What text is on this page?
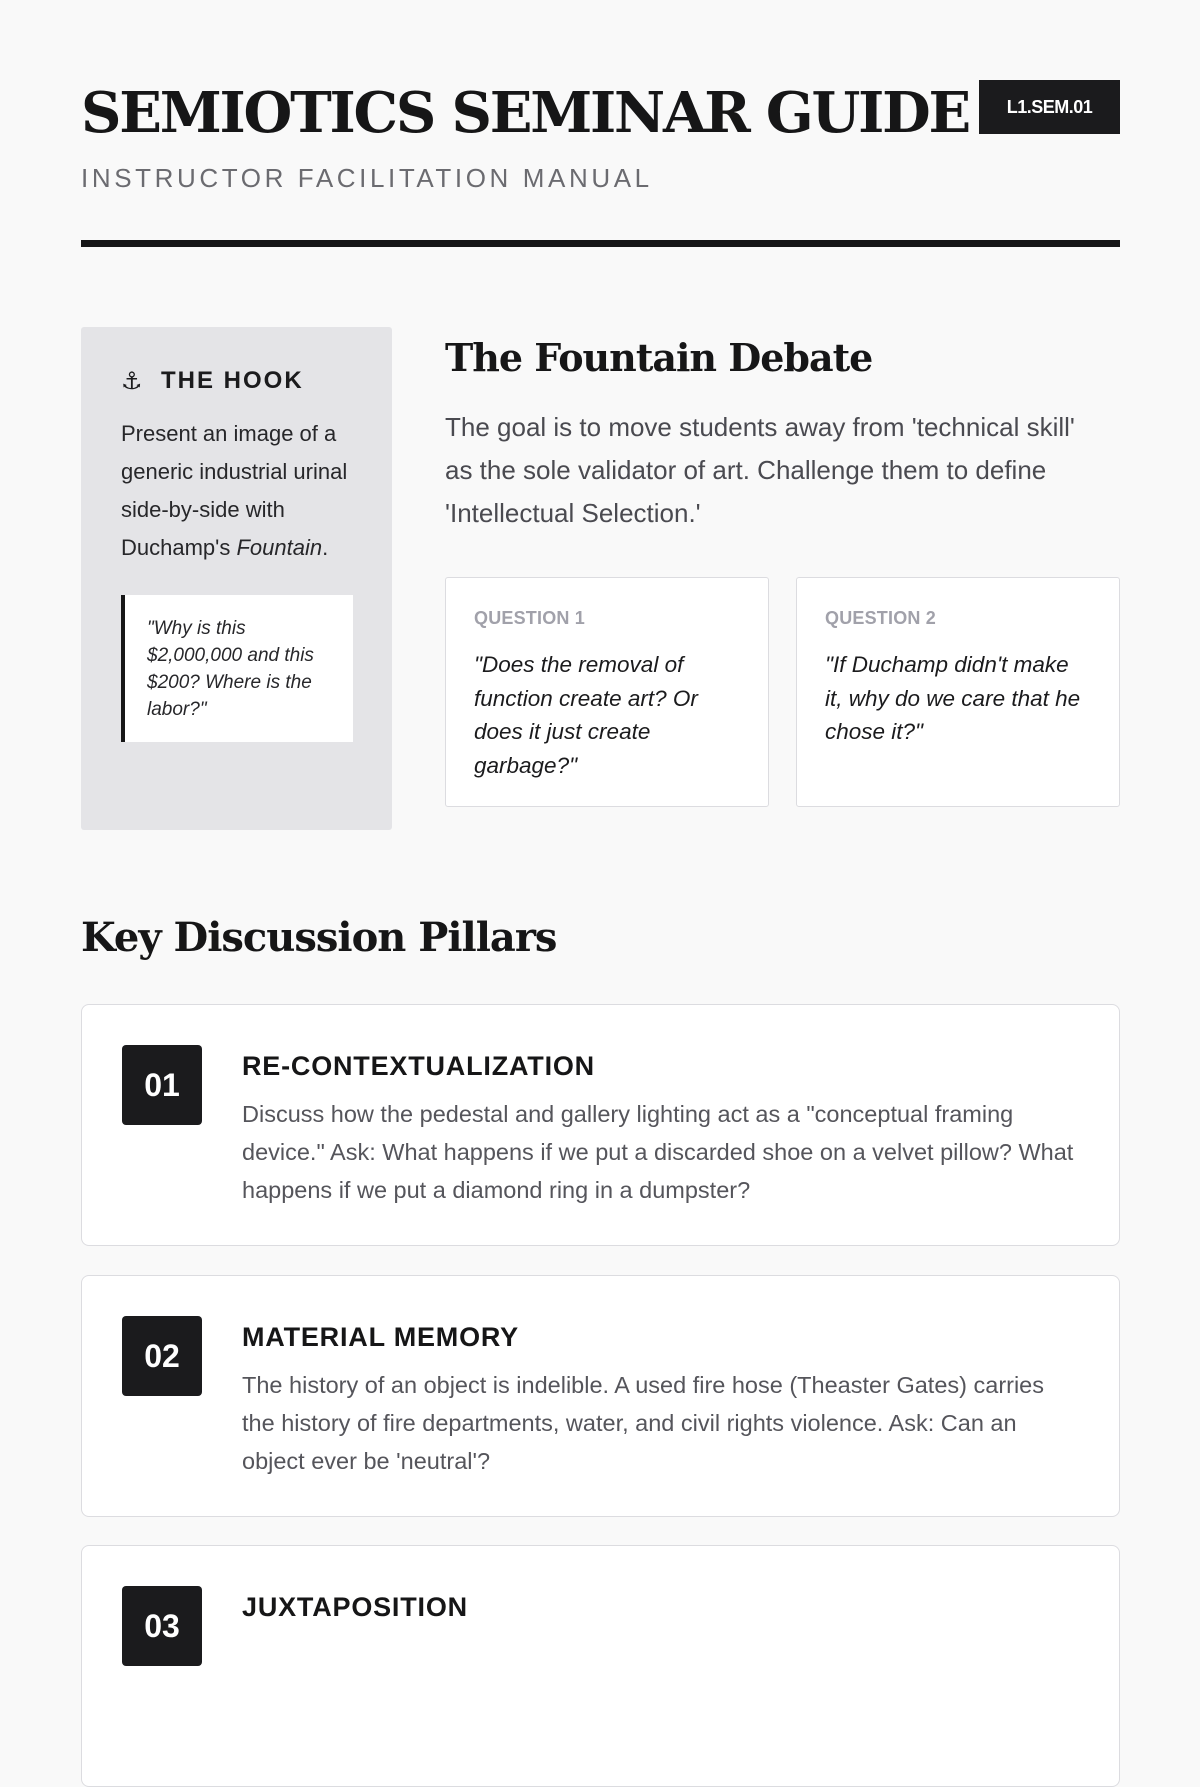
SEMIOTICS SEMINAR GUIDE
INSTRUCTOR FACILITATION MANUAL
L1.SEM.01
⚓ THE HOOK

Present an image of a generic industrial urinal side-by-side with Duchamp's Fountain.

"Why is this $2,000,000 and this $200? Where is the labor?"
The Fountain Debate

The goal is to move students away from 'technical skill' as the sole validator of art. Challenge them to define 'Intellectual Selection.'

QUESTION 1
"Does the removal of function create art? Or does it just create garbage?"
QUESTION 2
"If Duchamp didn't make it, why do we care that he chose it?"
Key Discussion Pillars
01
RE-CONTEXTUALIZATION

Discuss how the pedestal and gallery lighting act as a "conceptual framing device." Ask: What happens if we put a discarded shoe on a velvet pillow? What happens if we put a diamond ring in a dumpster?

02
MATERIAL MEMORY

The history of an object is indelible. A used fire hose (Theaster Gates) carries the history of fire departments, water, and civil rights violence. Ask: Can an object ever be 'neutral'?

03
JUXTAPOSITION
